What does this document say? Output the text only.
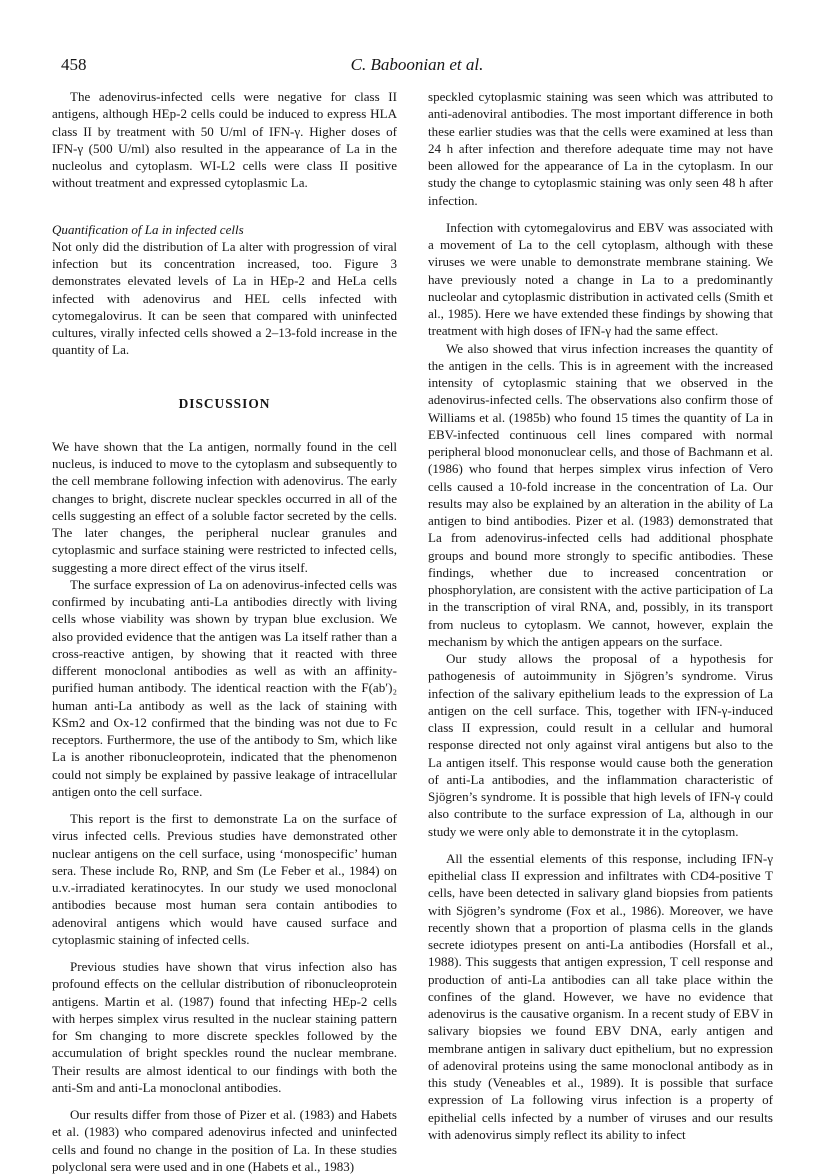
458	C. Baboonian et al.

The adenovirus-infected cells were negative for class II antigens, although HEp-2 cells could be induced to express HLA class II by treatment with 50 U/ml of IFN-γ. Higher doses of IFN-γ (500 U/ml) also resulted in the appearance of La in the nucleolus and cytoplasm. WI-L2 cells were class II positive without treatment and expressed cytoplasmic La.

Quantification of La in infected cells

Not only did the distribution of La alter with progression of viral infection but its concentration increased, too. Figure 3 demonstrates elevated levels of La in HEp-2 and HeLa cells infected with adenovirus and HEL cells infected with cytomegalovirus. It can be seen that compared with uninfected cultures, virally infected cells showed a 2–13-fold increase in the quantity of La.

DISCUSSION

We have shown that the La antigen, normally found in the cell nucleus, is induced to move to the cytoplasm and subsequently to the cell membrane following infection with adenovirus. The early changes to bright, discrete nuclear speckles occurred in all of the cells suggesting an effect of a soluble factor secreted by the cells. The later changes, the peripheral nuclear granules and cytoplasmic and surface staining were restricted to infected cells, suggesting a more direct effect of the virus itself.

The surface expression of La on adenovirus-infected cells was confirmed by incubating anti-La antibodies directly with living cells whose viability was shown by trypan blue exclusion. We also provided evidence that the antigen was La itself rather than a cross-reactive antigen, by showing that it reacted with three different monoclonal antibodies as well as with an affinity-purified human antibody. The identical reaction with the F(ab′)₂ human anti-La antibody as well as the lack of staining with KSm2 and Ox-12 confirmed that the binding was not due to Fc receptors. Furthermore, the use of the antibody to Sm, which like La is another ribonucleoprotein, indicated that the phenomenon could not simply be explained by passive leakage of intracellular antigen onto the cell surface.

This report is the first to demonstrate La on the surface of virus infected cells. Previous studies have demonstrated other nuclear antigens on the cell surface, using ‘monospecific’ human sera. These include Ro, RNP, and Sm (Le Feber et al., 1984) on u.v.-irradiated keratinocytes. In our study we used monoclonal antibodies because most human sera contain antibodies to adenoviral antigens which would have caused surface and cytoplasmic staining of infected cells.

Previous studies have shown that virus infection also has profound effects on the cellular distribution of ribonucleoprotein antigens. Martin et al. (1987) found that infecting HEp-2 cells with herpes simplex virus resulted in the nuclear staining pattern for Sm changing to more discrete speckles followed by the accumulation of bright speckles round the nuclear membrane. Their results are almost identical to our findings with both the anti-Sm and anti-La monoclonal antibodies.

Our results differ from those of Pizer et al. (1983) and Habets et al. (1983) who compared adenovirus infected and uninfected cells and found no change in the position of La. In these studies polyclonal sera were used and in one (Habets et al., 1983)

speckled cytoplasmic staining was seen which was attributed to anti-adenoviral antibodies. The most important difference in both these earlier studies was that the cells were examined at less than 24 h after infection and therefore adequate time may not have been allowed for the appearance of La in the cytoplasm. In our study the change to cytoplasmic staining was only seen 48 h after infection.

Infection with cytomegalovirus and EBV was associated with a movement of La to the cell cytoplasm, although with these viruses we were unable to demonstrate membrane staining. We have previously noted a change in La to a predominantly nucleolar and cytoplasmic distribution in activated cells (Smith et al., 1985). Here we have extended these findings by showing that treatment with high doses of IFN-γ had the same effect.

We also showed that virus infection increases the quantity of the antigen in the cells. This is in agreement with the increased intensity of cytoplasmic staining that we observed in the adenovirus-infected cells. The observations also confirm those of Williams et al. (1985b) who found 15 times the quantity of La in EBV-infected continuous cell lines compared with normal peripheral blood mononuclear cells, and those of Bachmann et al. (1986) who found that herpes simplex virus infection of Vero cells caused a 10-fold increase in the concentration of La. Our results may also be explained by an alteration in the ability of La antigen to bind antibodies. Pizer et al. (1983) demonstrated that La from adenovirus-infected cells had additional phosphate groups and bound more strongly to specific antibodies. These findings, whether due to increased concentration or phosphorylation, are consistent with the active participation of La in the transcription of viral RNA, and, possibly, in its transport from nucleus to cytoplasm. We cannot, however, explain the mechanism by which the antigen appears on the surface.

Our study allows the proposal of a hypothesis for pathogenesis of autoimmunity in Sjögren’s syndrome. Virus infection of the salivary epithelium leads to the expression of La antigen on the cell surface. This, together with IFN-γ-induced class II expression, could result in a cellular and humoral response directed not only against viral antigens but also to the La antigen itself. This response would cause both the generation of anti-La antibodies, and the inflammation characteristic of Sjögren’s syndrome. It is possible that high levels of IFN-γ could also contribute to the surface expression of La, although in our study we were only able to demonstrate it in the cytoplasm.

All the essential elements of this response, including IFN-γ epithelial class II expression and infiltrates with CD4-positive T cells, have been detected in salivary gland biopsies from patients with Sjögren’s syndrome (Fox et al., 1986). Moreover, we have recently shown that a proportion of plasma cells in the glands secrete idiotypes present on anti-La antibodies (Horsfall et al., 1988). This suggests that antigen expression, T cell response and production of anti-La antibodies can all take place within the confines of the gland. However, we have no evidence that adenovirus is the causative organism. In a recent study of EBV in salivary biopsies we found EBV DNA, early antigen and membrane antigen in salivary duct epithelium, but no expression of adenoviral proteins using the same monoclonal antibody as in this study (Veneables et al., 1989). It is possible that surface expression of La following virus infection is a property of epithelial cells infected by a number of viruses and our results with adenovirus simply reflect its ability to infect
